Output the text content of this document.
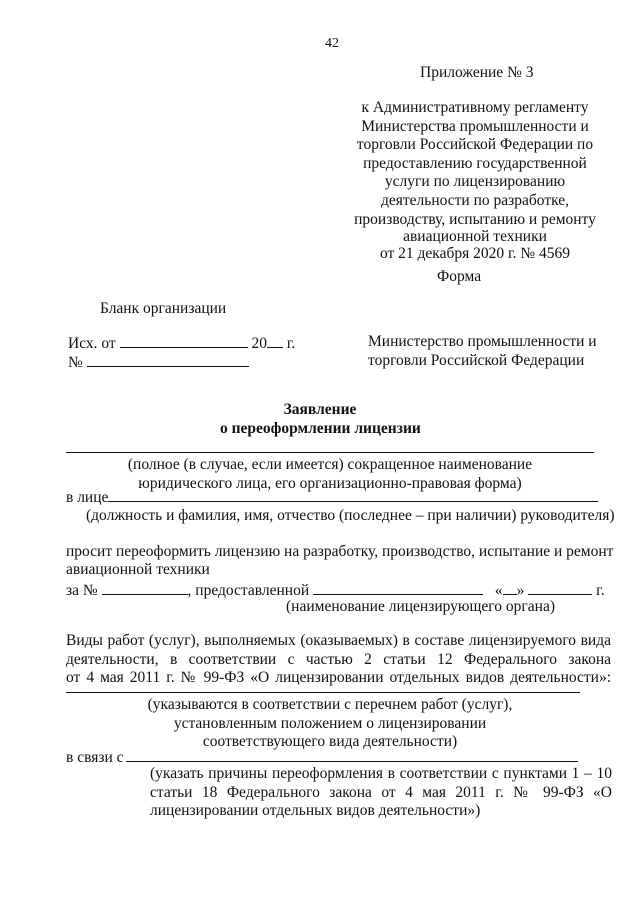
42
Приложение № 3
к Административному регламенту
Министерства промышленности и
торговли Российской Федерации по
предоставлению государственной
услуги по лицензированию
деятельности по разработке,
производству, испытанию и ремонту
авиационной техники
от 21 декабря 2020 г. № 4569
Форма
Бланк организации
Исх. от	20 г.
№
Министерство промышленности и
торговли Российской Федерации
Заявление
о переоформлении лицензии
(полное (в случае, если имеется) сокращенное наименование
юридического лица, его организационно-правовая форма)
в лице
(должность и фамилия, имя, отчество (последнее – при наличии) руководителя)
просит переоформить лицензию на разработку, производство, испытание и ремонт
авиационной техники
за №	, предоставленной	« »	г.
(наименование лицензирующего органа)
Виды работ (услуг), выполняемых (оказываемых) в составе лицензируемого вида
деятельности, в соответствии с частью 2 статьи 12 Федерального закона
от 4 мая 2011 г. № 99-ФЗ «О лицензировании отдельных видов деятельности»:
(указываются в соответствии с перечнем работ (услуг),
установленным положением о лицензировании
соответствующего вида деятельности)
в связи с
(указать причины переоформления в соответствии с пунктами 1 – 10
статьи 18 Федерального закона от 4 мая 2011 г. № 99-ФЗ «О
лицензировании отдельных видов деятельности»)
